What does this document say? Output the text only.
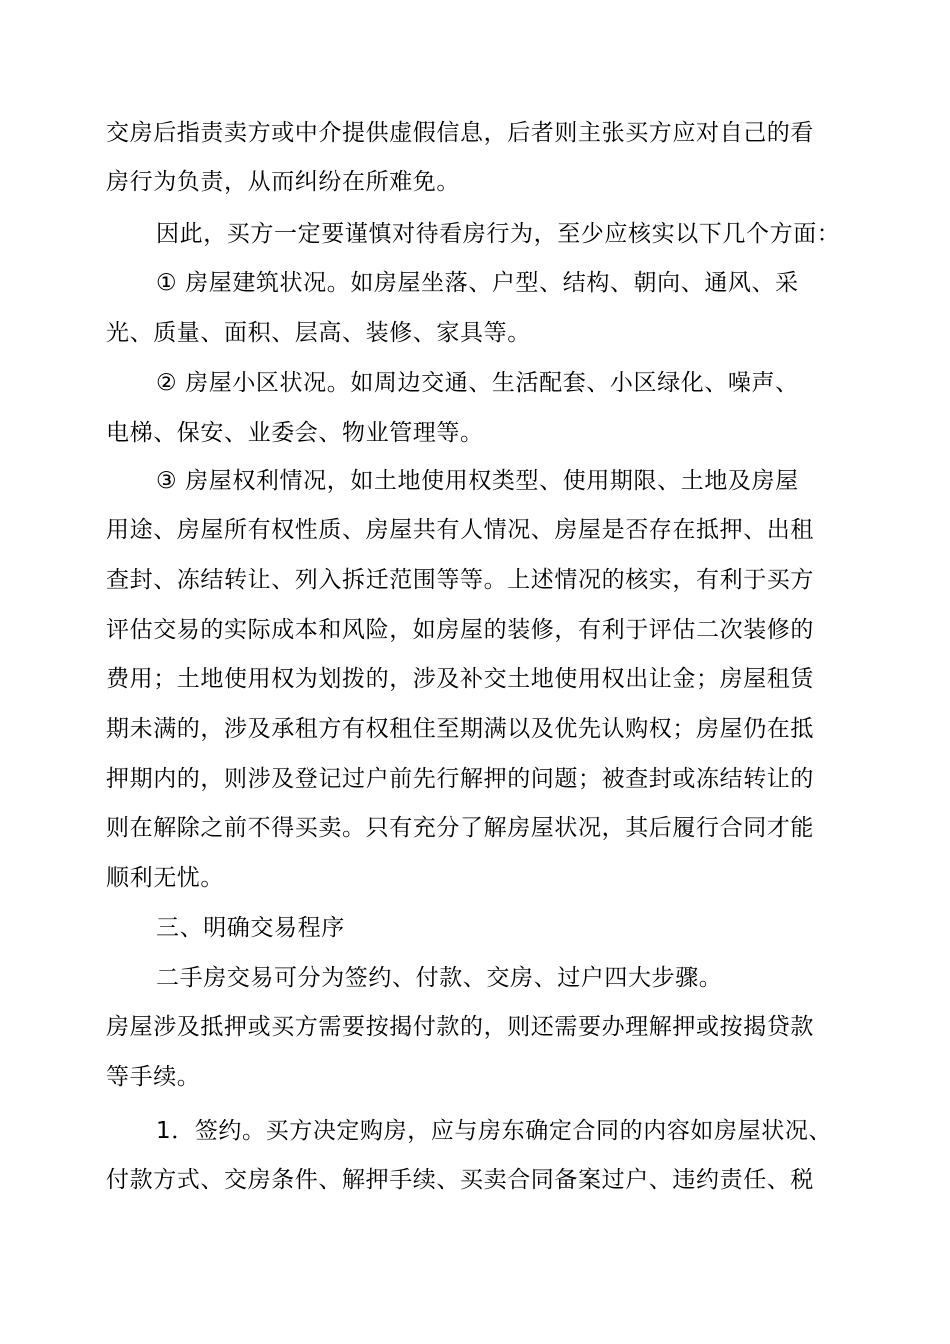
交房后指责卖方或中介提供虚假信息，后者则主张买方应对自己的看
房行为负责，从而纠纷在所难免。
因此，买方一定要谨慎对待看房行为，至少应核实以下几个方面：
① 房屋建筑状况。如房屋坐落、户型、结构、朝向、通风、采
光、质量、面积、层高、装修、家具等。
② 房屋小区状况。如周边交通、生活配套、小区绿化、噪声、
电梯、保安、业委会、物业管理等。
③ 房屋权利情况，如土地使用权类型、使用期限、土地及房屋
用途、房屋所有权性质、房屋共有人情况、房屋是否存在抵押、出租
查封、冻结转让、列入拆迁范围等等。上述情况的核实，有利于买方
评估交易的实际成本和风险，如房屋的装修，有利于评估二次装修的
费用；土地使用权为划拨的，涉及补交土地使用权出让金；房屋租赁
期未满的，涉及承租方有权租住至期满以及优先认购权；房屋仍在抵
押期内的，则涉及登记过户前先行解押的问题；被查封或冻结转让的
则在解除之前不得买卖。只有充分了解房屋状况，其后履行合同才能
顺利无忧。
三、明确交易程序
二手房交易可分为签约、付款、交房、过户四大步骤。
房屋涉及抵押或买方需要按揭付款的，则还需要办理解押或按揭贷款
等手续。
1．签约。买方决定购房，应与房东确定合同的内容如房屋状况、
付款方式、交房条件、解押手续、买卖合同备案过户、违约责任、税
